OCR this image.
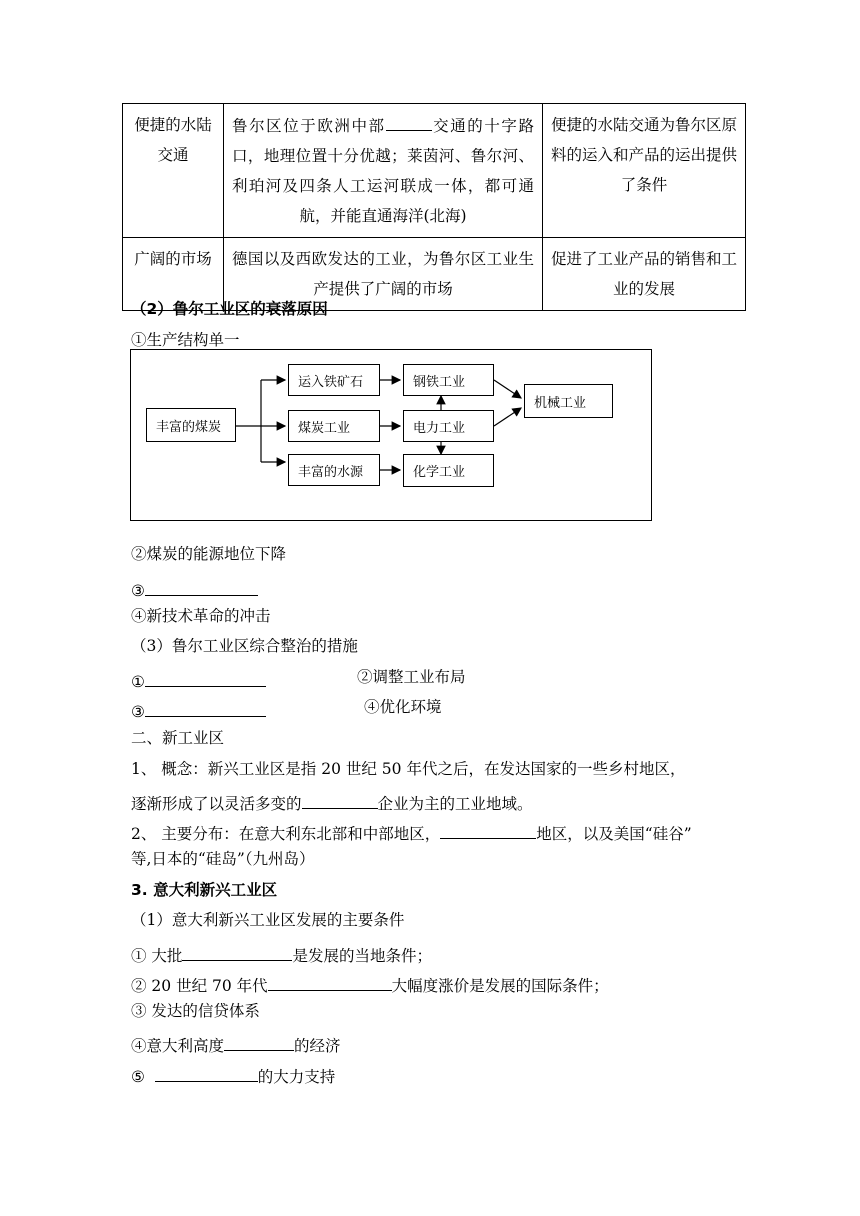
便捷的水陆交通	鲁尔区位于欧洲中部 交通的十字路口，地理位置十分优越；莱茵河、鲁尔河、利珀河及四条人工运河联成一体，都可通航，并能直通海洋(北海)	便捷的水陆交通为鲁尔区原料的运入和产品的运出提供了条件
广阔的市场	德国以及西欧发达的工业，为鲁尔区工业生产提供了广阔的市场	促进了工业产品的销售和工业的发展
（2）鲁尔工业区的衰落原因
①生产结构单一
丰富的煤炭
运入铁矿石
煤炭工业
丰富的水源
钢铁工业
电力工业
化学工业
机械工业
②煤炭的能源地位下降
③
④新技术革命的冲击
（3）鲁尔工业区综合整治的措施
①	②调整工业布局
③	④优化环境
二、新工业区
1、 概念：新兴工业区是指 20 世纪 50 年代之后，在发达国家的一些乡村地区，
逐渐形成了以灵活多变的	企业为主的工业地域。
2、 主要分布：在意大利东北部和中部地区，	地区，以及美国“硅谷”
等,日本的“硅岛”（九州岛）
3. 意大利新兴工业区
（1）意大利新兴工业区发展的主要条件
① 大批	是发展的当地条件；
② 20 世纪 70 年代	大幅度涨价是发展的国际条件；
③ 发达的信贷体系
④意大利高度	的经济
⑤	的大力支持
